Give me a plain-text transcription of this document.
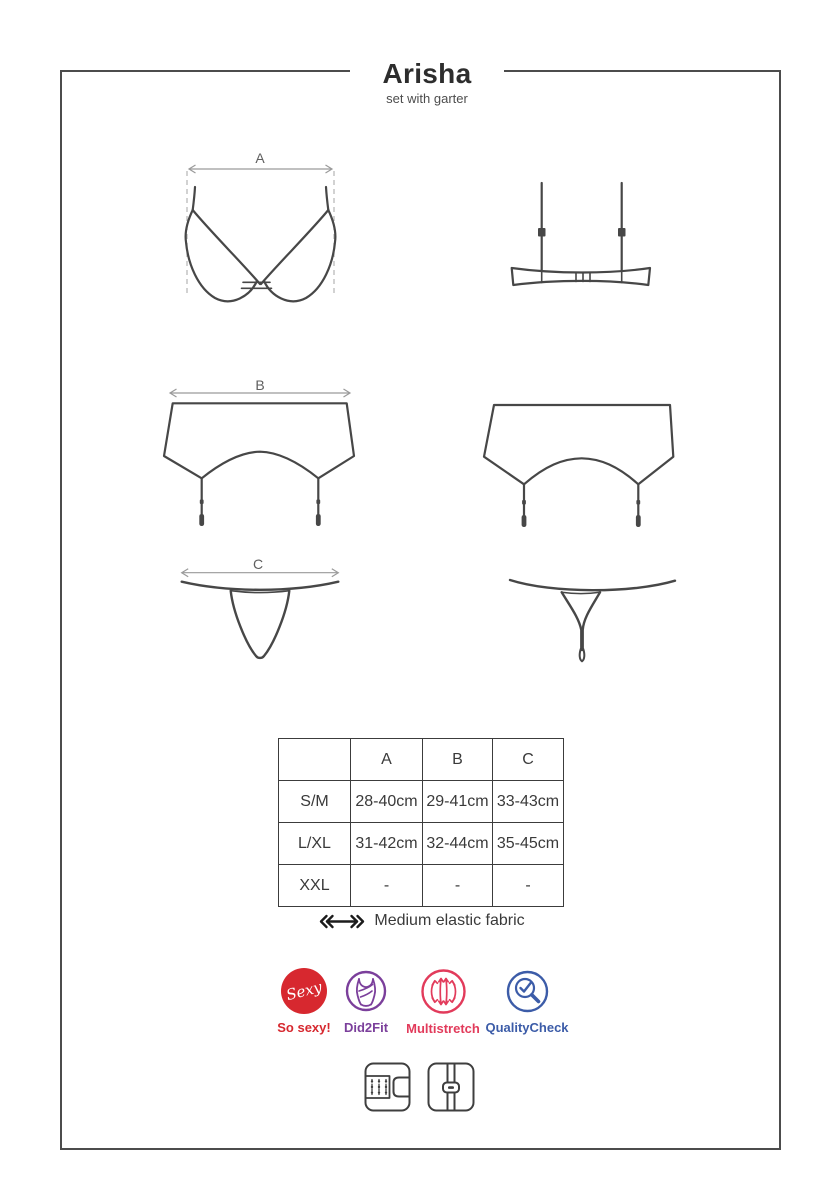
Arisha
set with garter
A
B
C
	A	B	C
S/M	28-40cm	29-41cm	33-43cm
L/XL	31-42cm	32-44cm	35-45cm
XXL	-	-	-
Medium elastic fabric
Sexy
So sexy!	Did2Fit	Multistretch QualityCheck
